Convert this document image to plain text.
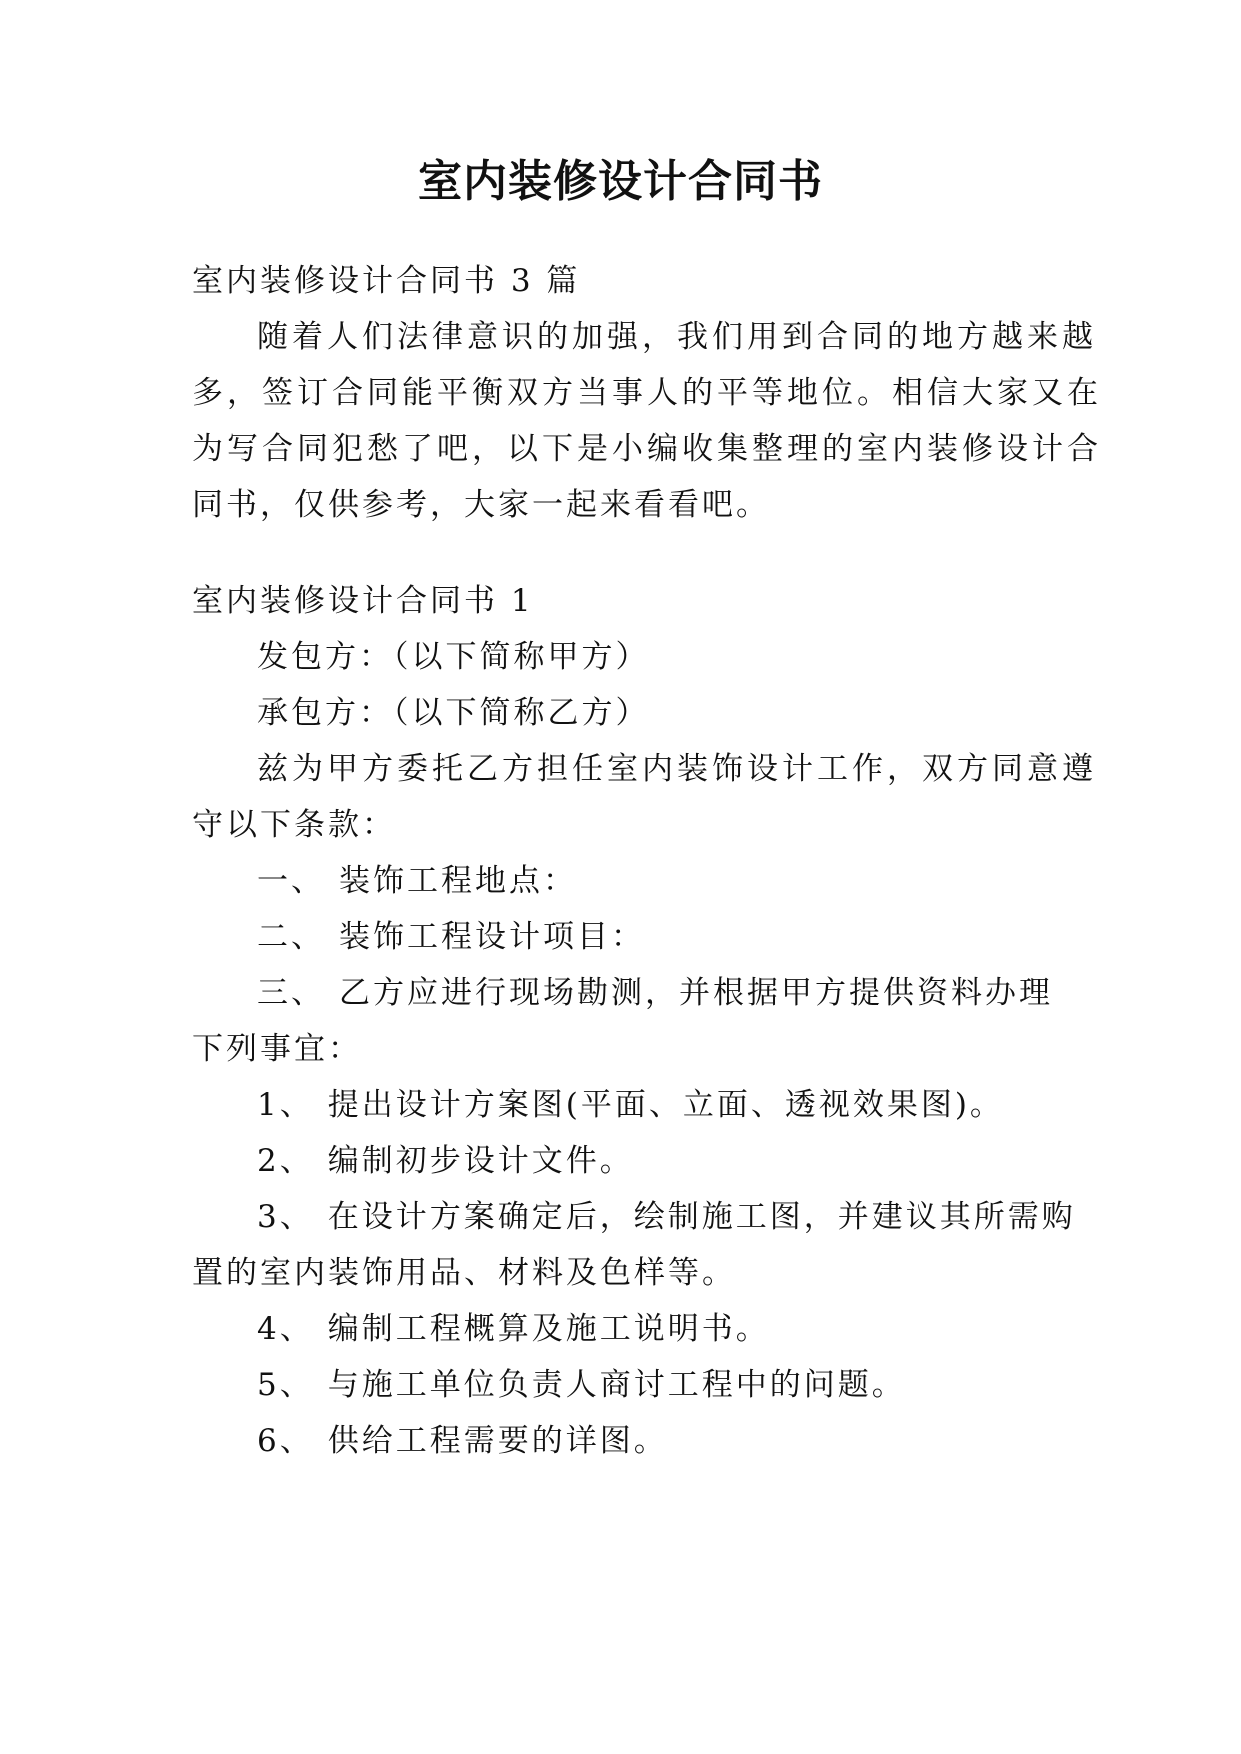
室内装修设计合同书
室内装修设计合同书 3 篇
随着人们法律意识的加强，我们用到合同的地方越来越
多，签订合同能平衡双方当事人的平等地位。相信大家又在
为写合同犯愁了吧，以下是小编收集整理的室内装修设计合
同书，仅供参考，大家一起来看看吧。
室内装修设计合同书 1
发包方：（以下简称甲方）
承包方：（以下简称乙方）
兹为甲方委托乙方担任室内装饰设计工作，双方同意遵
守以下条款：
一、 装饰工程地点：
二、 装饰工程设计项目：
三、 乙方应进行现场勘测，并根据甲方提供资料办理
下列事宜：
1、 提出设计方案图(平面、立面、透视效果图)。
2、 编制初步设计文件。
3、 在设计方案确定后，绘制施工图，并建议其所需购
置的室内装饰用品、材料及色样等。
4、 编制工程概算及施工说明书。
5、 与施工单位负责人商讨工程中的问题。
6、 供给工程需要的详图。
